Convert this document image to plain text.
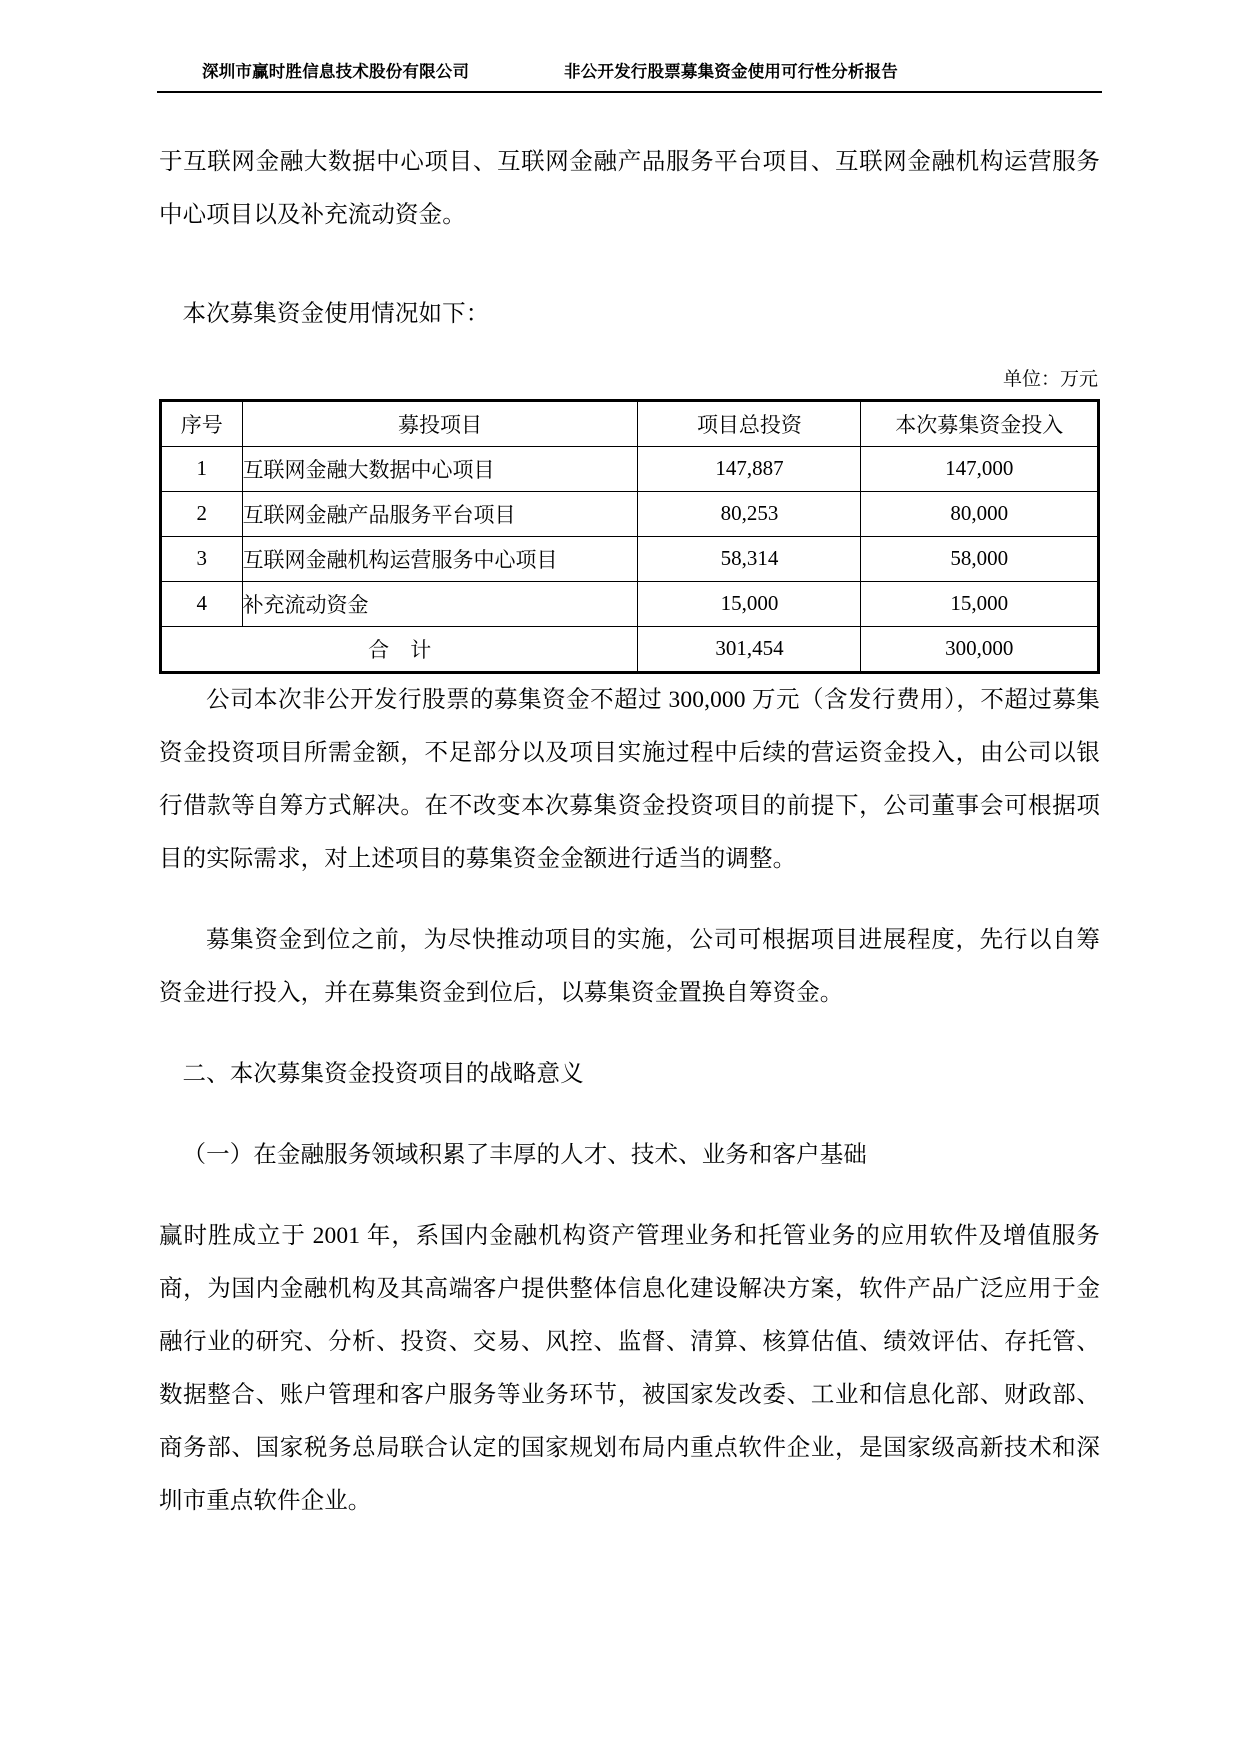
深圳市赢时胜信息技术股份有限公司	非公开发行股票募集资金使用可行性分析报告

于互联网金融大数据中心项目、互联网金融产品服务平台项目、互联网金融机构运营服务中心项目以及补充流动资金。

本次募集资金使用情况如下：

单位：万元
序号	募投项目	项目总投资	本次募集资金投入
1	互联网金融大数据中心项目	147,887	147,000
2	互联网金融产品服务平台项目	80,253	80,000
3	互联网金融机构运营服务中心项目	58,314	58,000
4	补充流动资金	15,000	15,000
合 计		301,454	300,000

公司本次非公开发行股票的募集资金不超过 300,000 万元（含发行费用），不超过募集资金投资项目所需金额，不足部分以及项目实施过程中后续的营运资金投入，由公司以银行借款等自筹方式解决。在不改变本次募集资金投资项目的前提下，公司董事会可根据项目的实际需求，对上述项目的募集资金金额进行适当的调整。

募集资金到位之前，为尽快推动项目的实施，公司可根据项目进展程度，先行以自筹资金进行投入，并在募集资金到位后，以募集资金置换自筹资金。

二、本次募集资金投资项目的战略意义

（一）在金融服务领域积累了丰厚的人才、技术、业务和客户基础

赢时胜成立于 2001 年，系国内金融机构资产管理业务和托管业务的应用软件及增值服务商，为国内金融机构及其高端客户提供整体信息化建设解决方案，软件产品广泛应用于金融行业的研究、分析、投资、交易、风控、监督、清算、核算估值、绩效评估、存托管、数据整合、账户管理和客户服务等业务环节，被国家发改委、工业和信息化部、财政部、商务部、国家税务总局联合认定的国家规划布局内重点软件企业，是国家级高新技术和深圳市重点软件企业。
